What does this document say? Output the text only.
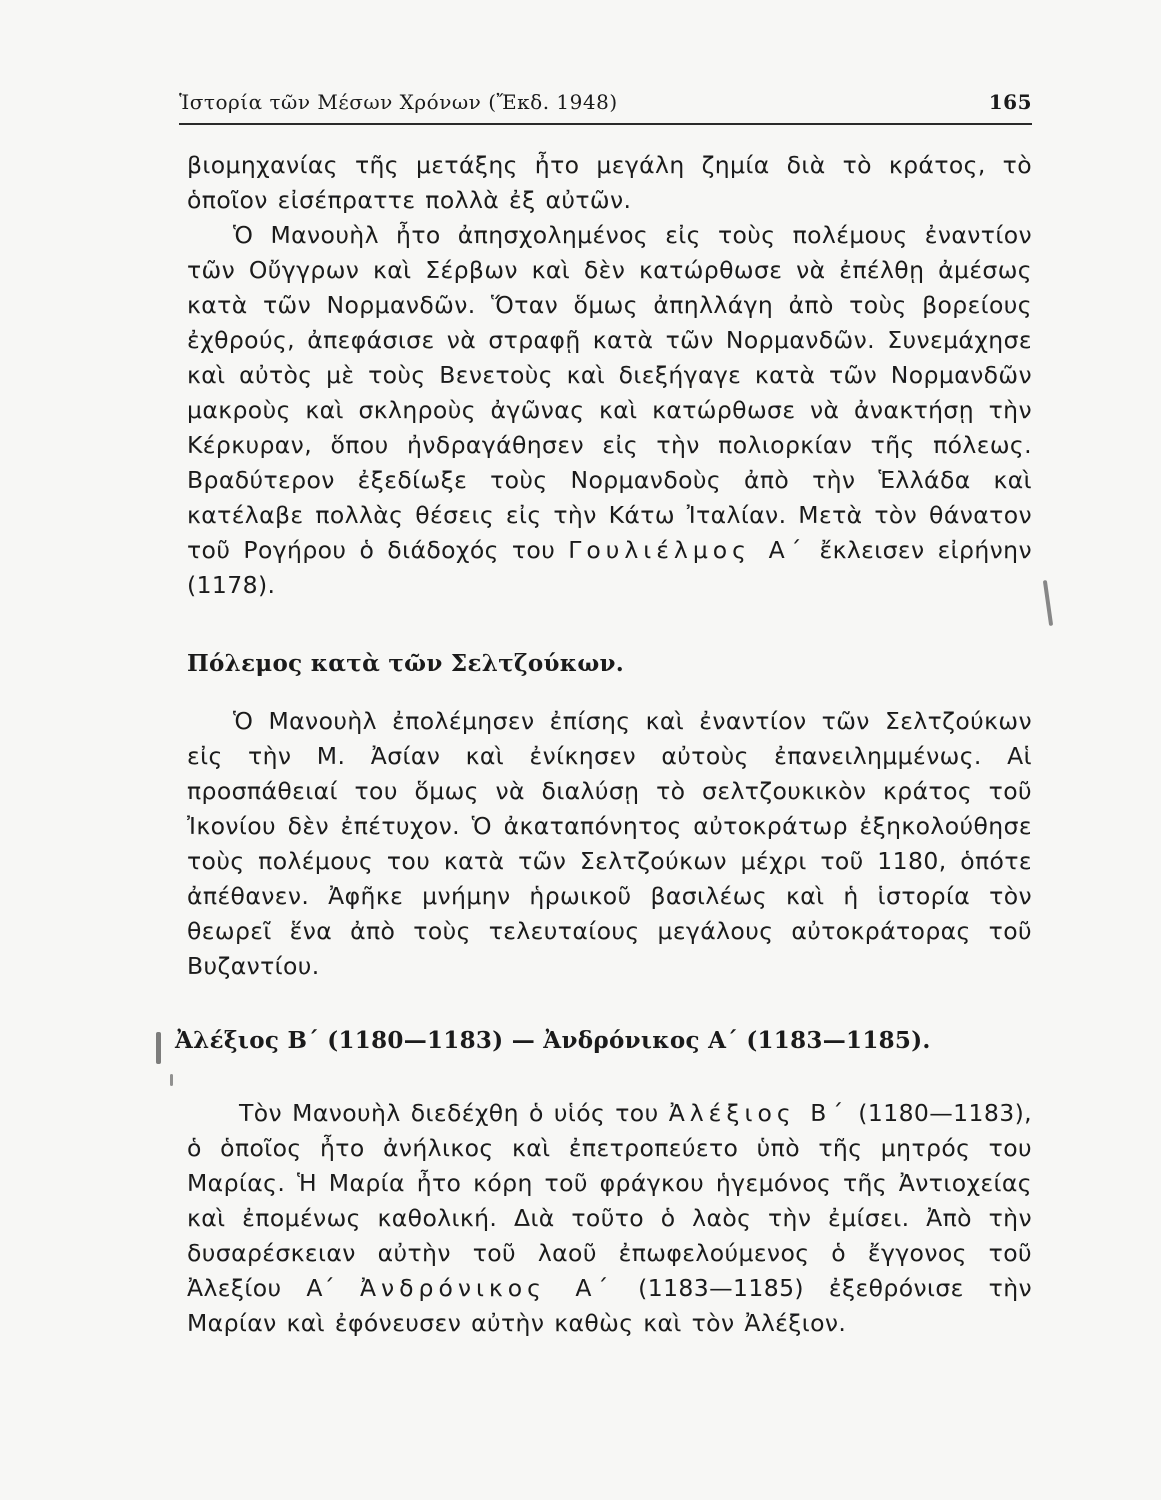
Ἱστορία τῶν Μέσων Χρόνων (Ἔκδ. 1948)	165
βιομηχανίας τῆς μετάξης ἦτο μεγάλη ζημία διὰ τὸ κράτος, τὸ
ὁποῖον εἰσέπραττε πολλὰ ἐξ αὐτῶν.
Ὁ Μανουὴλ ἦτο ἀπησχολημένος εἰς τοὺς πολέμους ἐναντίον τῶν Οὔγγρων καὶ Σέρβων καὶ δὲν κατώρθωσε νὰ ἐπέλθῃ ἀμέσως κατὰ τῶν Νορμανδῶν. Ὅταν ὅμως ἀπηλλάγη ἀπὸ τοὺς βορείους ἐχθρούς, ἀπεφάσισε νὰ στραφῇ κατὰ τῶν Νορμανδῶν. Συνεμάχησε καὶ αὐτὸς μὲ τοὺς Βενετοὺς καὶ διεξήγαγε κατὰ τῶν Νορμανδῶν μακροὺς καὶ σκληροὺς ἀγῶνας καὶ κατώρθωσε νὰ ἀνακτήσῃ τὴν Κέρκυραν, ὅπου ἠνδραγάθησεν εἰς τὴν πολιορκίαν τῆς πόλεως. Βραδύτερον ἐξεδίωξε τοὺς Νορμανδοὺς ἀπὸ τὴν Ἑλλάδα καὶ κατέλαβε πολλὰς θέσεις εἰς τὴν Κάτω Ἰταλίαν. Μετὰ τὸν θάνατον τοῦ Ρογήρου ὁ διάδοχός του Γουλιέλμος Α΄ ἔκλεισεν εἰρήνην (1178).
Πόλεμος κατὰ τῶν Σελτζούκων.

Ὁ Μανουὴλ ἐπολέμησεν ἐπίσης καὶ ἐναντίον τῶν Σελτζούκων εἰς τὴν Μ. Ἀσίαν καὶ ἐνίκησεν αὐτοὺς ἐπανειλημμένως. Αἱ προσπάθειαί του ὅμως νὰ διαλύσῃ τὸ σελτζουκικὸν κράτος τοῦ Ἰκονίου δὲν ἐπέτυχον. Ὁ ἀκαταπόνητος αὐτοκράτωρ ἐξηκολούθησε τοὺς πολέμους του κατὰ τῶν Σελτζούκων μέχρι τοῦ 1180, ὁπότε ἀπέθανεν. Ἀφῆκε μνήμην ἡρωικοῦ βασιλέως καὶ ἡ ἱστορία τὸν θεωρεῖ ἕνα ἀπὸ τοὺς τελευταίους μεγάλους αὐτοκράτορας τοῦ Βυζαντίου.

Ἀλέξιος Β΄ (1180—1183) — Ἀνδρόνικος Α΄ (1183—1185).

Τὸν Μανουὴλ διεδέχθη ὁ υἱός του Ἀλέξιος Β΄ (1180—1183), ὁ ὁποῖος ἦτο ἀνήλικος καὶ ἐπετροπεύετο ὑπὸ τῆς μητρός του Μαρίας. Ἡ Μαρία ἦτο κόρη τοῦ φράγκου ἡγεμόνος τῆς Ἀντιοχείας καὶ ἐπομένως καθολική. Διὰ τοῦτο ὁ λαὸς τὴν ἐμίσει. Ἀπὸ τὴν δυσαρέσκειαν αὐτὴν τοῦ λαοῦ ἐπωφελούμενος ὁ ἔγγονος τοῦ Ἀλεξίου Α΄ Ἀνδρόνικος Α΄ (1183—1185) ἐξεθρόνισε τὴν Μαρίαν καὶ ἐφόνευσεν αὐτὴν καθὼς καὶ τὸν Ἀλέξιον.
